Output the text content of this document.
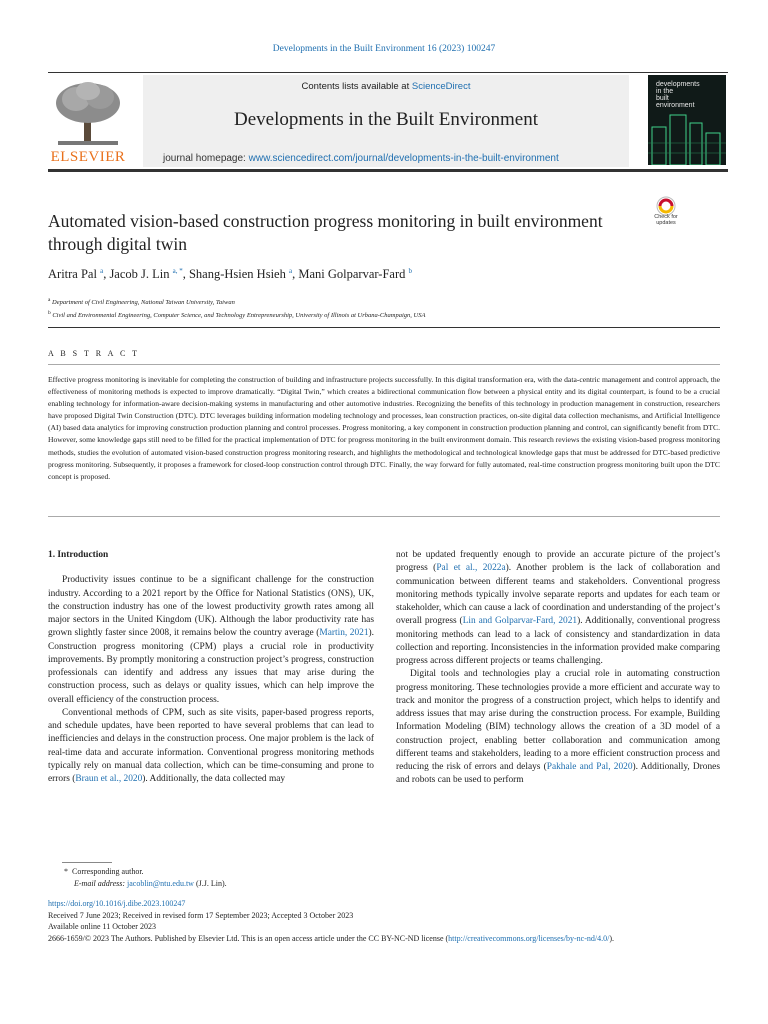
Developments in the Built Environment 16 (2023) 100247
ELSEVIER
Contents lists available at ScienceDirect
Developments in the Built Environment
journal homepage: www.sciencedirect.com/journal/developments-in-the-built-environment
developments
in the
built
environment
Check for
updates
Automated vision-based construction progress monitoring in built environment through digital twin
Aritra Pal $^a$, Jacob J. Lin $^{a, *}$, Shang-Hsien Hsieh $^a$, Mani Golparvar-Fard $^b$
$^a$ Department of Civil Engineering, National Taiwan University, Taiwan
$^b$ Civil and Environmental Engineering, Computer Science, and Technology Entrepreneurship, University of Illinois at Urbana-Champaign, USA
A B S T R A C T
Effective progress monitoring is inevitable for completing the construction of building and infrastructure projects successfully. In this digital transformation era, with the data-centric management and control approach, the effectiveness of monitoring methods is expected to improve dramatically. “Digital Twin,” which creates a bidirectional communication flow between a physical entity and its digital counterpart, is found to be a crucial enabling technology for information-aware decision-making systems in manufacturing and other automotive industries. Recognizing the benefits of this technology in production management in construction, researchers have proposed Digital Twin Construction (DTC). DTC leverages building information modeling technology and processes, lean construction practices, on-site digital data collection mechanisms, and Artificial Intelligence (AI) based data analytics for improving construction production planning and control processes. Progress monitoring, a key component in construction production planning and control, can significantly benefit from DTC. However, some knowledge gaps still need to be filled for the practical implementation of DTC for progress monitoring in the built environment domain. This research reviews the existing vision-based progress monitoring methods, studies the evolution of automated vision-based construction progress monitoring research, and highlights the methodological and technological knowledge gaps that must be addressed for DTC-based predictive progress monitoring. Subsequently, it proposes a framework for closed-loop construction control through DTC. Finally, the way forward for fully automated, real-time construction progress monitoring built upon the DTC concept is proposed.

1. Introduction

Productivity issues continue to be a significant challenge for the construction industry. According to a 2021 report by the Office for National Statistics (ONS), UK, the construction industry has one of the lowest productivity growth rates among all major sectors in the United Kingdom (UK). Although the labor productivity rate has grown slightly faster since 2008, it remains below the country average (Martin, 2021). Construction progress monitoring (CPM) plays a crucial role in productivity improvements. By promptly monitoring a construction project’s progress, construction professionals can identify and address any issues that may arise during the construction process, such as delays or quality issues, which can help improve the overall efficiency of the construction process.

Conventional methods of CPM, such as site visits, paper-based progress reports, and schedule updates, have been reported to have several problems that can lead to inefficiencies and delays in the construction process. One major problem is the lack of real-time data and accurate information. Conventional progress monitoring methods typically rely on manual data collection, which can be time-consuming and prone to errors (Braun et al., 2020). Additionally, the data collected may

not be updated frequently enough to provide an accurate picture of the project’s progress (Pal et al., 2022a). Another problem is the lack of collaboration and communication between different teams and stakeholders. Conventional progress monitoring methods typically involve separate reports and updates for each team or stakeholder, which can cause a lack of coordination and understanding of the project’s overall progress (Lin and Golparvar-Fard, 2021). Additionally, conventional progress monitoring methods can lead to a lack of consistency and standardization in data collection and reporting. Inconsistencies in the information provided make comparing progress across different projects or teams challenging.

Digital tools and technologies play a crucial role in automating construction progress monitoring. These technologies provide a more efficient and accurate way to track and monitor the progress of a construction project, which helps to identify and address issues that may arise during the construction process. For example, Building Information Modeling (BIM) technology allows the creation of a 3D model of a construction project, enabling better collaboration and communication among different teams and stakeholders, leading to a more efficient construction process and reducing the risk of errors and delays (Pakhale and Pal, 2020). Additionally, Drones and robots can be used to perform

* Corresponding author.
E-mail address: jacoblin@ntu.edu.tw (J.J. Lin).
https://doi.org/10.1016/j.dibe.2023.100247
Received 7 June 2023; Received in revised form 17 September 2023; Accepted 3 October 2023
Available online 11 October 2023
2666-1659/© 2023 The Authors. Published by Elsevier Ltd. This is an open access article under the CC BY-NC-ND license (http://creativecommons.org/licenses/by-nc-nd/4.0/).
